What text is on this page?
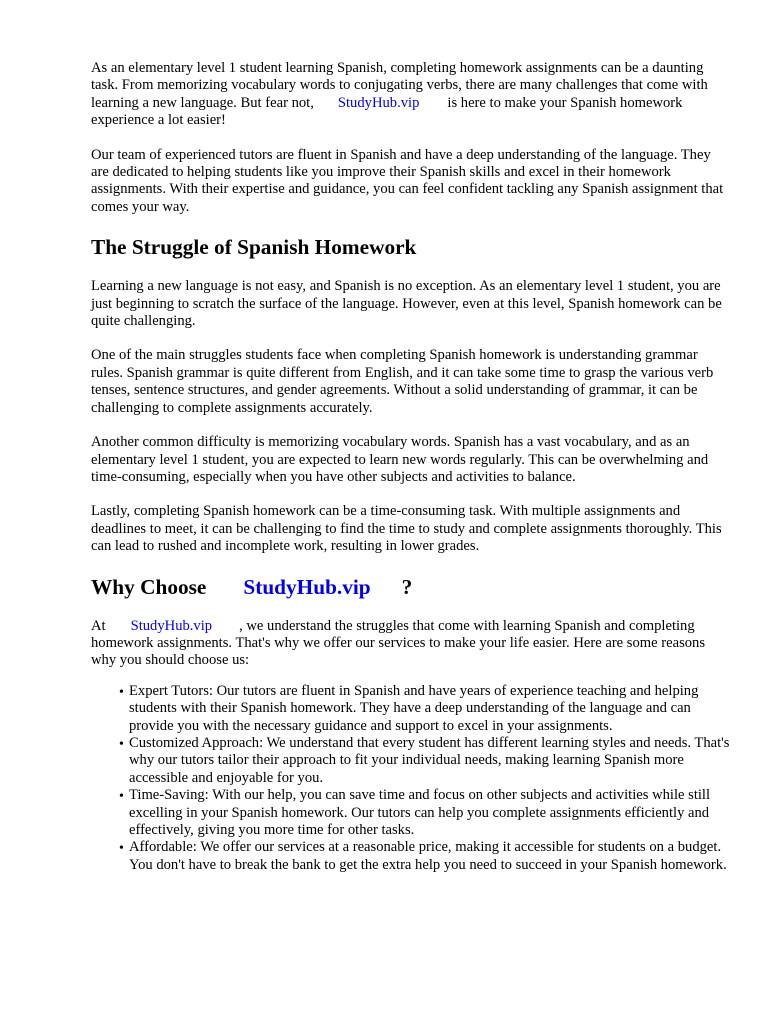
As an elementary level 1 student learning Spanish, completing homework assignments can be a daunting task. From memorizing vocabulary words to conjugating verbs, there are many challenges that come with learning a new language. But fear not, StudyHub.vip is here to make your Spanish homework experience a lot easier!

Our team of experienced tutors are fluent in Spanish and have a deep understanding of the language. They are dedicated to helping students like you improve their Spanish skills and excel in their homework assignments. With their expertise and guidance, you can feel confident tackling any Spanish assignment that comes your way.

The Struggle of Spanish Homework

Learning a new language is not easy, and Spanish is no exception. As an elementary level 1 student, you are just beginning to scratch the surface of the language. However, even at this level, Spanish homework can be quite challenging.

One of the main struggles students face when completing Spanish homework is understanding grammar rules. Spanish grammar is quite different from English, and it can take some time to grasp the various verb tenses, sentence structures, and gender agreements. Without a solid understanding of grammar, it can be challenging to complete assignments accurately.

Another common difficulty is memorizing vocabulary words. Spanish has a vast vocabulary, and as an elementary level 1 student, you are expected to learn new words regularly. This can be overwhelming and time-consuming, especially when you have other subjects and activities to balance.

Lastly, completing Spanish homework can be a time-consuming task. With multiple assignments and deadlines to meet, it can be challenging to find the time to study and complete assignments thoroughly. This can lead to rushed and incomplete work, resulting in lower grades.

Why Choose StudyHub.vip ?

At StudyHub.vip , we understand the struggles that come with learning Spanish and completing homework assignments. That's why we offer our services to make your life easier. Here are some reasons why you should choose us:

• Expert Tutors: Our tutors are fluent in Spanish and have years of experience teaching and helping students with their Spanish homework. They have a deep understanding of the language and can provide you with the necessary guidance and support to excel in your assignments.
• Customized Approach: We understand that every student has different learning styles and needs. That's why our tutors tailor their approach to fit your individual needs, making learning Spanish more accessible and enjoyable for you.
• Time-Saving: With our help, you can save time and focus on other subjects and activities while still excelling in your Spanish homework. Our tutors can help you complete assignments efficiently and effectively, giving you more time for other tasks.
• Affordable: We offer our services at a reasonable price, making it accessible for students on a budget. You don't have to break the bank to get the extra help you need to succeed in your Spanish homework.
